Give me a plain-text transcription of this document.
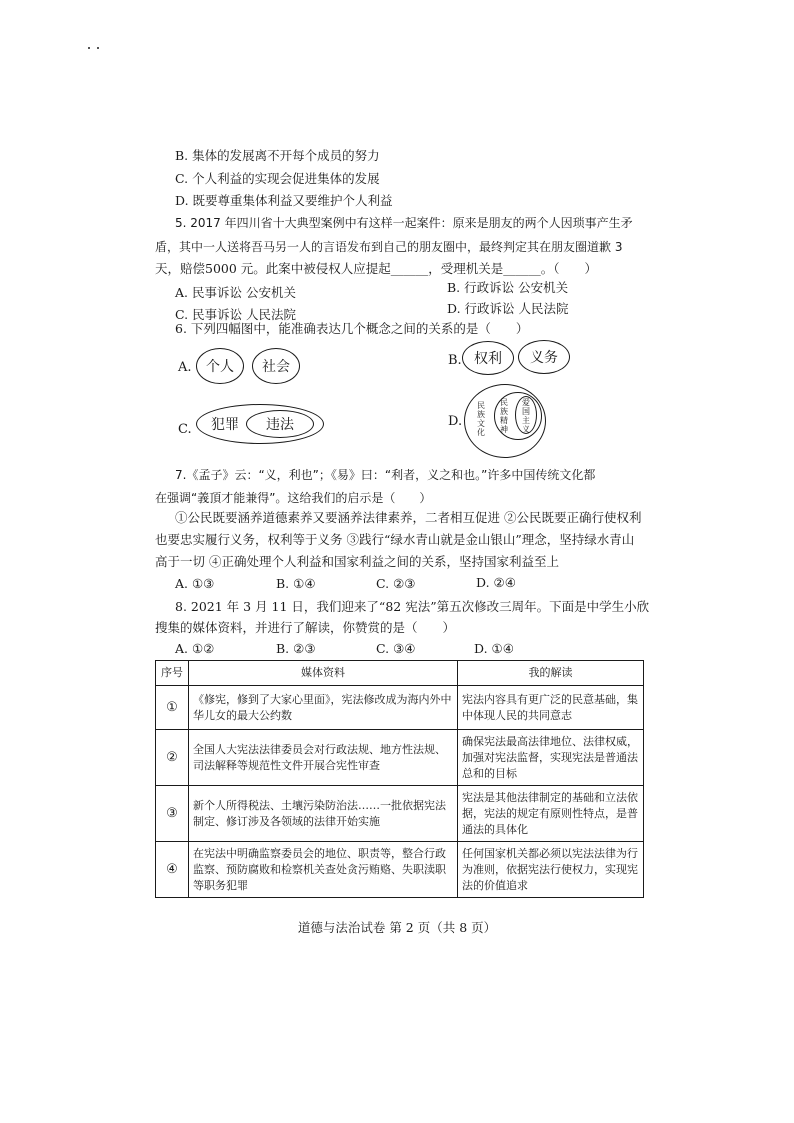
B. 集体的发展离不开每个成员的努力
C. 个人利益的实现会促进集体的发展
D. 既要尊重集体利益又要维护个人利益
5. 2017 年四川省十大典型案例中有这样一起案件：原来是朋友的两个人因琐事产生矛
盾，其中一人送将吾马另一人的言语发布到自己的朋友圈中，最终判定其在朋友圈道歉 3
天，赔偿5000 元。此案中被侵权人应提起______，受理机关是______。（　　）
A. 民事诉讼 公安机关	B. 行政诉讼 公安机关
C. 民事诉讼 人民法院	D. 行政诉讼 人民法院
6. 下列四幅图中，能准确表达几个概念之间的关系的是（　　）
A. 个人 社会	B. 权利 义务
C. 犯罪 违法	D.
民族文化
民族精神
爱国主义
7.《孟子》云：“义，利也”；《易》曰：“利者，义之和也。”许多中国传统文化都
在强调“義頂才能兼得”。这给我们的启示是（　　）
①公民既要涵养道德素养又要涵养法律素养，二者相互促进 ②公民既要正确行使权利
也要忠实履行义务，权利等于义务 ③践行“绿水青山就是金山银山”理念，坚持绿水青山
高于一切 ④正确处理个人利益和国家利益之间的关系，坚持国家利益至上
A. ①③	B. ①④	C. ②③	D. ②④
8. 2021 年 3 月 11 日，我们迎来了“82 宪法”第五次修改三周年。下面是中学生小欣
搜集的媒体资料，并进行了解读，你赞赏的是（　　）
A. ①②	B. ②③	C. ③④	D. ①④
序号	媒体资料	我的解读
①	《修宪，修到了大家心里面》，宪法修改成为海内外中华儿女的最大公约数	宪法内容具有更广泛的民意基础，集中体现人民的共同意志
②	全国人大宪法法律委员会对行政法规、地方性法规、司法解释等规范性文件开展合宪性审查	确保宪法最高法律地位、法律权威，加强对宪法监督，实现宪法是普通法总和的目标
③	新个人所得税法、土壤污染防治法……一批依据宪法制定、修订涉及各领域的法律开始实施	宪法是其他法律制定的基础和立法依据，宪法的规定有原则性特点，是普通法的具体化
④	在宪法中明确监察委员会的地位、职责等，整合行政监察、预防腐败和检察机关查处贪污贿赂、失职渎职等职务犯罪	任何国家机关都必须以宪法法律为行为准则，依据宪法行使权力，实现宪法的价值追求
道德与法治试卷 第 2 页（共 8 页）
